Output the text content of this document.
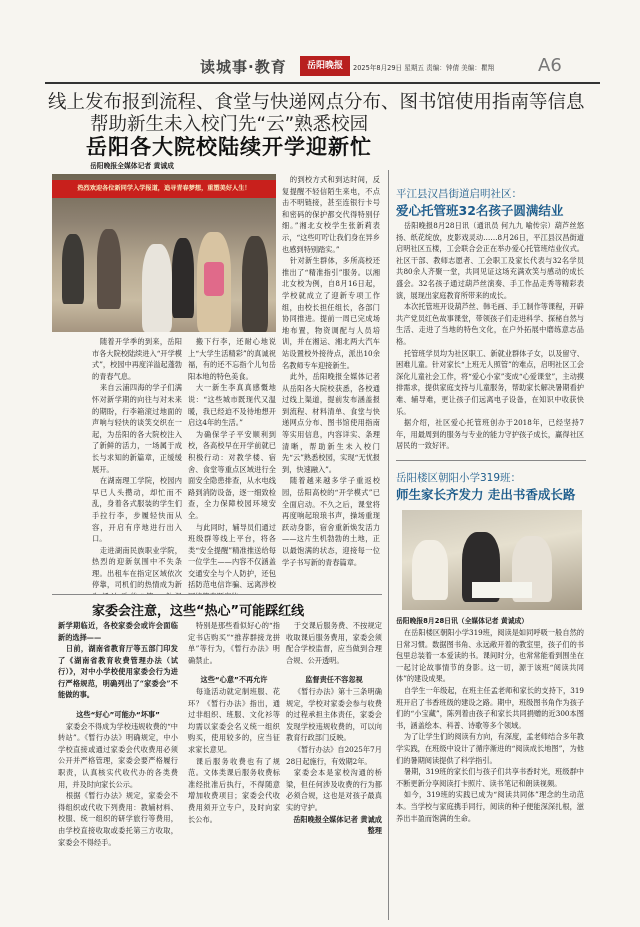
读城事·教育	岳阳晚报	2025年8月29日 星期五 责编：钟倩 美编：瞿翔 A6
线上发布报到流程、食堂与快递网点分布、图书馆使用指南等信息
帮助新生未入校门先“云”熟悉校园
岳阳各大院校陆续开学迎新忙
岳阳晚报全媒体记者 黄诚成
热烈欢迎各位新同学入学报道，追寻青春梦想，重塑美好人生！

随着开学季的到来，岳阳市各大院校陆续进入“开学模式”，校园中再度洋溢起蓬勃的青春气息。

来自云浦四海的学子们满怀对新学期的向往与对未来的期盼，行李箱滚过地面的声响与轻快的谈笑交织在一起，为岳阳的各大院校注入了新鲜的活力，一场属于成长与求知的新篇章，正缓缓展开。

在湖南理工学院，校园内早已人头攒动，却忙而不乱，身着各式服装的学生们手拉行李，步履轻快而从容，开启有序地进行出入口。

走进湖南民族职业学院，热烈的迎新氛围中不失条理。出租车在指定区域依次停靠，司机们的热情成为新

搬下行李，还耐心地说上“大学生活精彩”的真诚祝福，有的还不忘指个儿句岳阳本地的特色美食。

大一新生李真真感慨地说：“这些城市既现代又温暖，我已经迫不及待地想开启这4年的生活。”

为确保学子平安顺利到校，各高校早在开学前就已积极行动：对教学楼、宿舍、食堂等重点区域进行全面安全隐患排查，从水电线路到消防设备，逐一细致检查，全力保障校园环境安全。

与此同时，辅导员们通过班级群等线上平台，将各类“安全提醒”精准推送给每一位学生——内容不仅涵盖交通安全与个人防护，还包括防范电信诈骗、远离涉校

的到校方式和到达时间，反复提醒不轻信陌生来电，不点击不明链接，甚至连银行卡号和密码的保护都交代得特别仔细。”湘北女校学生张新莉表示，“这些叮咛让我们身在异乡也感到特别踏实。”

针对新生群体，多所高校还推出了“精准指引”服务。以湘北女校为例，自8月16日起，学校就成立了迎新专项工作组，由校长担任组长，各部门协同推进。提前一周已完成场地布置，物资调配与人员培训，并在湘运、湘北两大汽车站设置校外接待点，派出10余名教师专车迎接新生。

此外，岳阳晚报全媒体记者从岳阳各大院校获悉，各校通过线上渠道，提前发布涵盖报到流程、材料清单、食堂与快递网点分布、图书馆使用指南等实用信息，内容详实、条理清晰，帮助新生未入校门先“云”熟悉校园，实现“无忧报到，快速融入”。

随着越来越多学子重返校园，岳阳高校的“开学模式”已全面启动。不久之后，课堂将再度响起琅琅书声，操场重现跃动身影，宿舍重新焕发活力——这片生机勃勃的土地，正以最饱满的状态，迎接每一位学子书写新的青春篇章。

平江县汉昌街道启明社区：
爱心托管班32名孩子圆满结业

岳阳晚报8月28日讯（通讯员 何九九 喻传宗）葫芦丝悠扬、纸花绽放，皮影戏灵动……8月26日，平江县汉昌街道启明社区五楼，工会联合会正在举办爱心托管班结业仪式。社区干部、教师志愿者、工会职工及家长代表与32名学员共80余人齐聚一堂，共同见证这场充满欢笑与感动的成长盛会。32名孩子通过葫芦丝演奏、手工作品走秀等精彩表演，展现出家庭教育所带来的成长。

本次托管班开设葫芦丝、韩毛画、手工制作等课程，开辟共产党员红色故事课堂，带领孩子们走进科学、探秘自然与生活、走进了当地的特色文化，在户外拓展中磨练意志品格。

托管班学员均为社区职工、新就业群体子女，以及留守、困难儿童。针对家长“上班无人照管”的难点，启明社区工会深化儿童社会工作，将“爱心小家”变成“心爱课堂”，主动摸排需求，提供家庭支持与儿童服务，帮助家长解决暑期看护难、辅导难，更让孩子们远离电子设备，在知识中收获快乐。

据介绍，社区爱心托管班创办于2018年，已经坚持7年，用最周到的服务与专业的能力守护孩子成长，赢得社区居民的一致好评。

岳阳楼区朝阳小学319班：
师生家长齐发力 走出书香成长路
岳阳晚报8月28日讯（全媒体记者 黄诚成）

在岳阳楼区朝阳小学319班，阅读是如同呼吸一般自然的日常习惯。数据图书角、永远敞开着的教室里，孩子们的书包里总装着一本爱读的书。课间时分，也常常能看到围坐在一起讨论故事情节的身影。这一切，源于该班“阅读共同体”的建设成果。

自学生一年级起，在班主任孟老师和家长的支持下，319班开启了书香班级的建设之路。期中，班级图书角作为孩子们的“小宝藏”，陈列着由孩子和家长共同捐赠的近300本图书，涵盖绘本、科普、诗歌等多个领域。

为了让学生们的阅读有方向，有深度，孟老师结合多年教学实践，在班级中设计了循序渐进的“阅读成长地图”，为他们的暑期阅读提供了科学指引。

暑期，319班的家长们与孩子们共享书香时光，班级群中不断更新分享阅读打卡照片、读书笔记和朗读视频。

如今，319班的实践已成为“阅读共同体”理念的生动范本。当学校与家庭携手同行，阅读的种子便能深深扎根，滋养出丰盈而饱满的生命。

家委会注意，这些“热心”可能踩红线
新学期临近，各校家委会或许会面临新的选择——

日前，湖南省教育厅等五部门印发了《湖南省教育收费管理办法（试行）》，对中小学校使用家委会行为进行严格规范，明确列出了“家委会”不能做的事。

这些“好心”可能办“坏事”

家委会不得成为学校违规收费的“中转站”。《暂行办法》明确规定，中小学校直接或通过家委会代收费用必须公开并严格管理，家委会要严格履行职责，认真核实代收代办的各类费用，并及时向家长公示。

根据《暂行办法》规定，家委会不得组织或代收下列费用：教辅材料、校服、统一组织的研学旅行等费用，由学校直接收取或委托第三方收取，家委会不得经手。

特别是那些看似好心的“指定书店购买”“推荐群接龙拼单”等行为，《暂行办法》明确禁止。

这些“心意”不再允许

每逢活动就定制班服、花环？《暂行办法》指出，通过非组织、班服、文化衫等均需以家委会名义统一组织购买，使用较多的，应当征求家长意见。

课后服务收费也有了规范。文体类课后服务收费标准经批准后执行，不得随意增加收费项目；家委会代收费用须开立专户，及时向家长公布。

于交课后服务费、不按规定收取课后服务费用，家委会须配合学校监督，应当做到合理合规、公开透明。

监督责任不容忽视

《暂行办法》第十三条明确规定，学校对家委会参与收费的过程承担主体责任，家委会发现学校违规收费的，可以向教育行政部门反映。

《暂行办法》自2025年7月28日起施行，有效期2年。

家委会本是家校沟通的桥梁，但任何涉及收费的行为都必须合规，这也是对孩子最真实的守护。

岳阳晚报全媒体记者 黄诚成 整理
